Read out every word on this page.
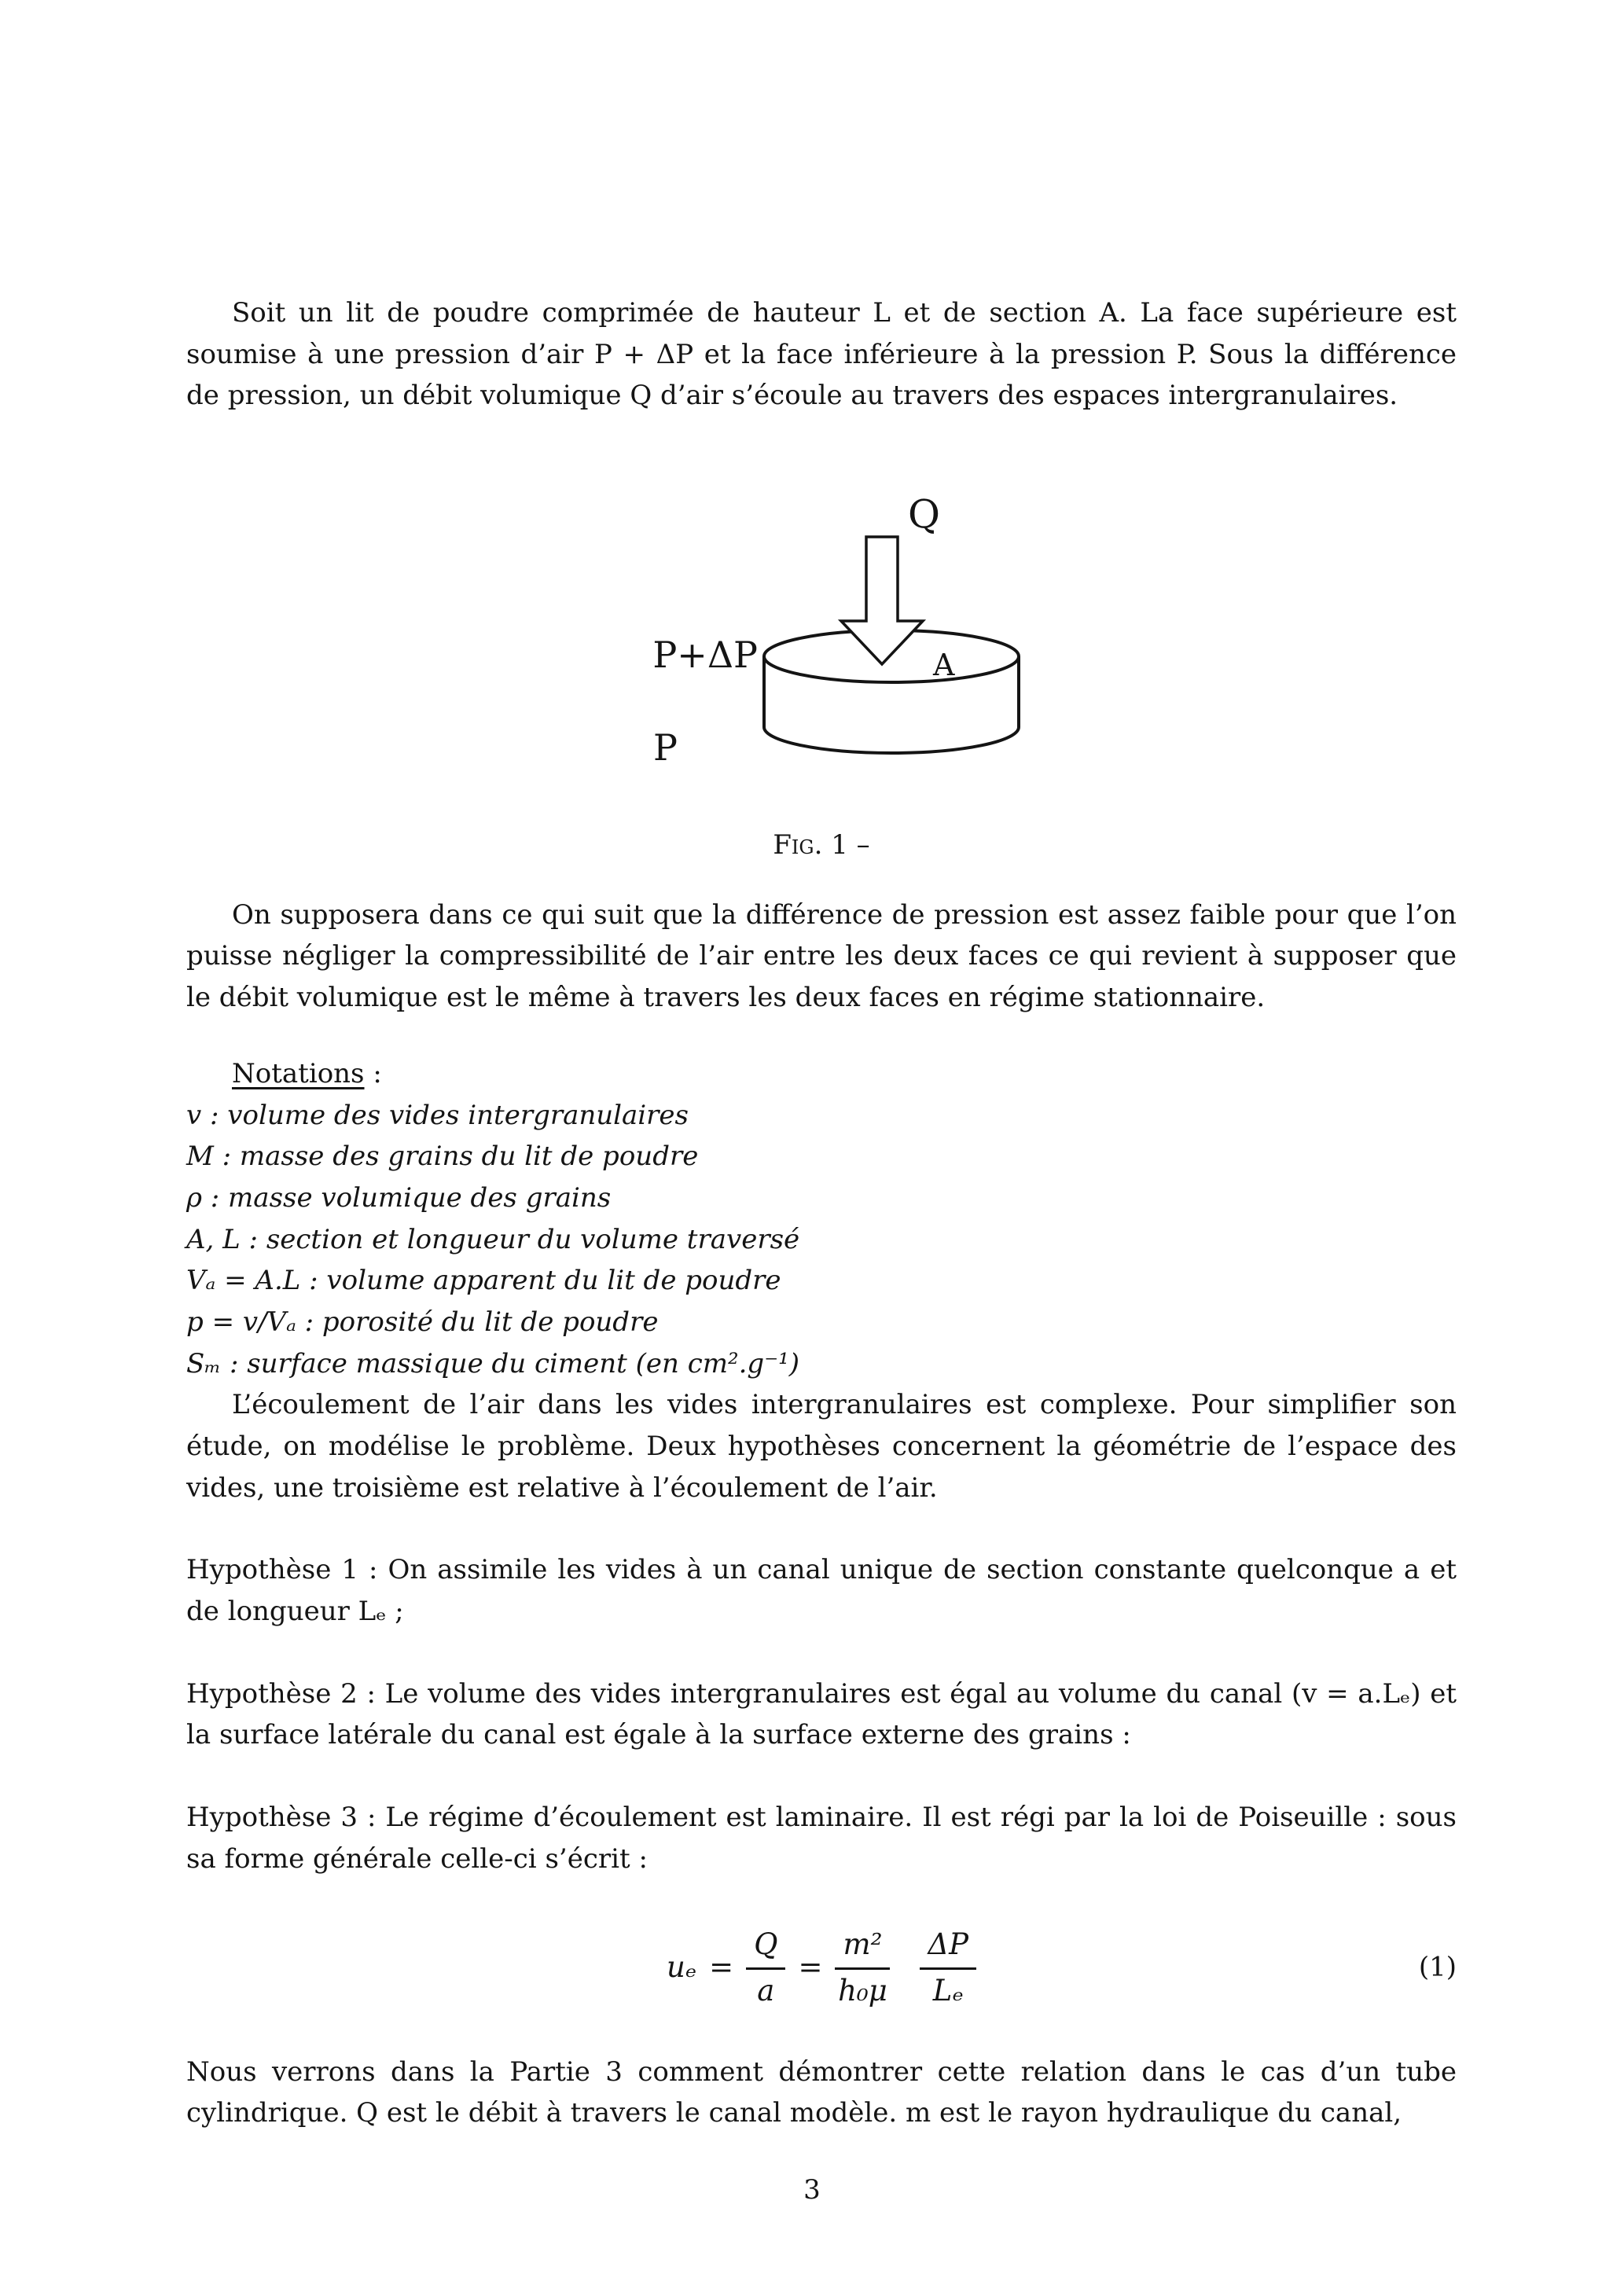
Soit un lit de poudre comprimée de hauteur L et de section A. La face supérieure est soumise à une pression d’air P + ΔP et la face inférieure à la pression P. Sous la différence de pression, un débit volumique Q d’air s’écoule au travers des espaces intergranulaires.

Q
P+ΔP	A
P

Fig. 1 –

On supposera dans ce qui suit que la différence de pression est assez faible pour que l’on puisse négliger la compressibilité de l’air entre les deux faces ce qui revient à supposer que le débit volumique est le même à travers les deux faces en régime stationnaire.

Notations :

v : volume des vides intergranulaires

M : masse des grains du lit de poudre

ρ : masse volumique des grains

A, L : section et longueur du volume traversé

Vₐ = A.L : volume apparent du lit de poudre

p = v/Vₐ : porosité du lit de poudre

Sₘ : surface massique du ciment (en cm².g⁻¹)

L’écoulement de l’air dans les vides intergranulaires est complexe. Pour simplifier son étude, on modélise le problème. Deux hypothèses concernent la géométrie de l’espace des vides, une troisième est relative à l’écoulement de l’air.

Hypothèse 1 : On assimile les vides à un canal unique de section constante quelconque a et de longueur Lₑ ;

Hypothèse 2 : Le volume des vides intergranulaires est égal au volume du canal (v = a.Lₑ) et la surface latérale du canal est égale à la surface externe des grains :

Hypothèse 3 : Le régime d’écoulement est laminaire. Il est régi par la loi de Poiseuille : sous sa forme générale celle-ci s’écrit :

$u_e = \frac{Q}{a} = \frac{\text{m²}}{\text{h₀μ}} \frac{\Delta P}{\text{Lₑ}}$	(1)

Nous verrons dans la Partie 3 comment démontrer cette relation dans le cas d’un tube cylindrique. Q est le débit à travers le canal modèle. m est le rayon hydraulique du canal,

3
